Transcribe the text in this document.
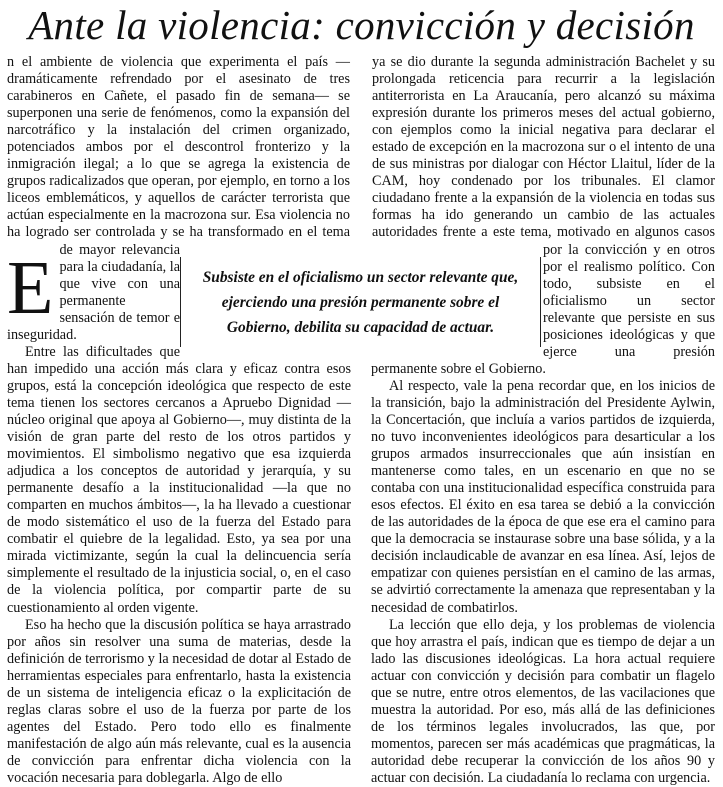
Ante la violencia: convicción y decisión

E
n el ambiente de violencia que experimenta el país —dramáticamente refrendado por el asesinato de tres carabineros en Cañete, el pasado fin de semana— se superponen una serie de fenómenos, como la expansión del narcotráfico y la instalación del crimen organizado, potenciados ambos por el descontrol fronterizo y la inmigración ilegal; a lo que se agrega la existencia de grupos radicalizados que operan, por ejemplo, en torno a los liceos emblemáticos, y aquellos de carácter terrorista que actúan especialmente en la macrozona sur. Esa violencia no ha logrado ser controlada y se ha transformado en el tema de mayor relevancia para la ciudadanía, la que vive con una permanente sensación de temor e inseguridad.

Entre las dificultades que han impedido una acción más clara y eficaz contra esos grupos, está la concepción ideológica que respecto de este tema tienen los sectores cercanos a Apruebo Dignidad —núcleo original que apoya al Gobierno—, muy distinta de la visión de gran parte del resto de los otros partidos y movimientos. El simbolismo negativo que esa izquierda adjudica a los conceptos de autoridad y jerarquía, y su permanente desafío a la institucionalidad —la que no comparten en muchos ámbitos—, la ha llevado a cuestionar de modo sistemático el uso de la fuerza del Estado para combatir el quiebre de la legalidad. Esto, ya sea por una mirada victimizante, según la cual la delincuencia sería simplemente el resultado de la injusticia social, o, en el caso de la violencia política, por compartir parte de su cuestionamiento al orden vigente.

Eso ha hecho que la discusión política se haya arrastrado por años sin resolver una suma de materias, desde la definición de terrorismo y la necesidad de dotar al Estado de herramientas especiales para enfrentarlo, hasta la existencia de un sistema de inteligencia eficaz o la explicitación de reglas claras sobre el uso de la fuerza por parte de los agentes del Estado. Pero todo ello es finalmente manifestación de algo aún más relevante, cual es la ausencia de convicción para enfrentar dicha violencia con la vocación necesaria para doblegarla. Algo de ello

ya se dio durante la segunda administración Bachelet y su prolongada reticencia para recurrir a la legislación antiterrorista en La Araucanía, pero alcanzó su máxima expresión durante los primeros meses del actual gobierno, con ejemplos como la inicial negativa para declarar el estado de excepción en la macrozona sur o el intento de una de sus ministras por dialogar con Héctor Llaitul, líder de la CAM, hoy condenado por los tribunales. El clamor ciudadano frente a la expansión de la violencia en todas sus formas ha ido generando un cambio de las actuales autoridades frente a este tema, motivado en algunos casos por la convicción y en otros por el realismo político. Con todo, subsiste en el oficialismo un sector relevante que persiste en sus posiciones ideológicas y que ejerce una presión permanente sobre el Gobierno.

Al respecto, vale la pena recordar que, en los inicios de la transición, bajo la administración del Presidente Aylwin, la Concertación, que incluía a varios partidos de izquierda, no tuvo inconvenientes ideológicos para desarticular a los grupos armados insurreccionales que aún insistían en mantenerse como tales, en un escenario en que no se contaba con una institucionalidad específica construida para esos efectos. El éxito en esa tarea se debió a la convicción de las autoridades de la época de que ese era el camino para que la democracia se instaurase sobre una base sólida, y a la decisión inclaudicable de avanzar en esa línea. Así, lejos de empatizar con quienes persistían en el camino de las armas, se advirtió correctamente la amenaza que representaban y la necesidad de combatirlos.

La lección que ello deja, y los problemas de violencia que hoy arrastra el país, indican que es tiempo de dejar a un lado las discusiones ideológicas. La hora actual requiere actuar con convicción y decisión para combatir un flagelo que se nutre, entre otros elementos, de las vacilaciones que muestra la autoridad. Por eso, más allá de las definiciones de los términos legales involucrados, las que, por momentos, parecen ser más académicas que pragmáticas, la autoridad debe recuperar la convicción de los años 90 y actuar con decisión. La ciudadanía lo reclama con urgencia.

Subsiste en el oficialismo un sector relevante que, ejerciendo una presión permanente sobre el Gobierno, debilita su capacidad de actuar.
